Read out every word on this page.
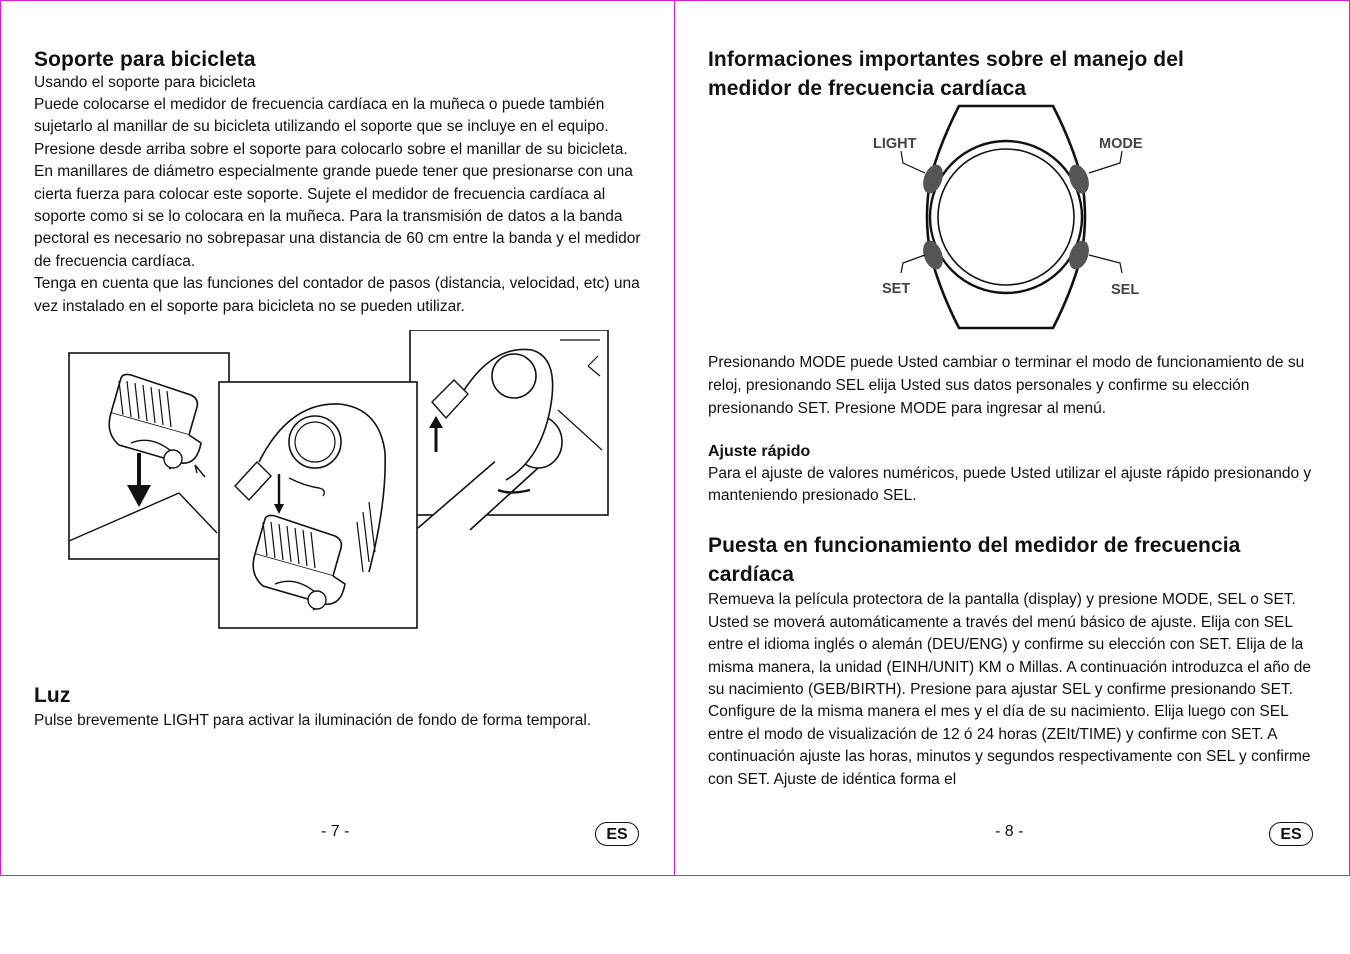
Soporte para bicicleta
Usando el soporte para bicicleta

Puede colocarse el medidor de frecuencia cardíaca en la muñeca o puede también sujetarlo al manillar de su bicicleta utilizando el soporte que se incluye en el equipo. Presione desde arriba sobre el soporte para colocarlo sobre el manillar de su bicicleta. En manillares de diámetro especialmente grande puede tener que presionarse con una cierta fuerza para colocar este soporte. Sujete el medidor de frecuencia cardíaca al soporte como si se lo colocara en la muñeca. Para la transmisión de datos a la banda pectoral es necesario no sobrepasar una distancia de 60 cm entre la banda y el medidor de frecuencia cardíaca.

Tenga en cuenta que las funciones del contador de pasos (distancia, velocidad, etc) una vez instalado en el soporte para bicicleta no se pueden utilizar.

Luz

Pulse brevemente LIGHT para activar la iluminación de fondo de forma temporal.

- 7 -	ES
Informaciones importantes sobre el manejo del medidor de frecuencia cardíaca
LIGHT	MODE
SET	SEL

Presionando MODE puede Usted cambiar o terminar el modo de funcionamiento de su reloj, presionando SEL elija Usted sus datos personales y confirme su elección presionando SET. Presione MODE para ingresar al menú.

Ajuste rápido

Para el ajuste de valores numéricos, puede Usted utilizar el ajuste rápido presionando y manteniendo presionado SEL.

Puesta en funcionamiento del medidor de frecuencia cardíaca

Remueva la película protectora de la pantalla (display) y presione MODE, SEL o SET.

Usted se moverá automáticamente a través del menú básico de ajuste. Elija con SEL entre el idioma inglés o alemán (DEU/ENG) y confirme su elección con SET. Elija de la misma manera, la unidad (EINH/UNIT) KM o Millas. A continuación introduzca el año de su nacimiento (GEB/BIRTH). Presione para ajustar SEL y confirme presionando SET. Configure de la misma manera el mes y el día de su nacimiento. Elija luego con SEL entre el modo de visualización de 12 ó 24 horas (ZEIt/TIME) y confirme con SET. A continuación ajuste las horas, minutos y segundos respectivamente con SEL y confirme con SET. Ajuste de idéntica forma el

- 8 -	ES
